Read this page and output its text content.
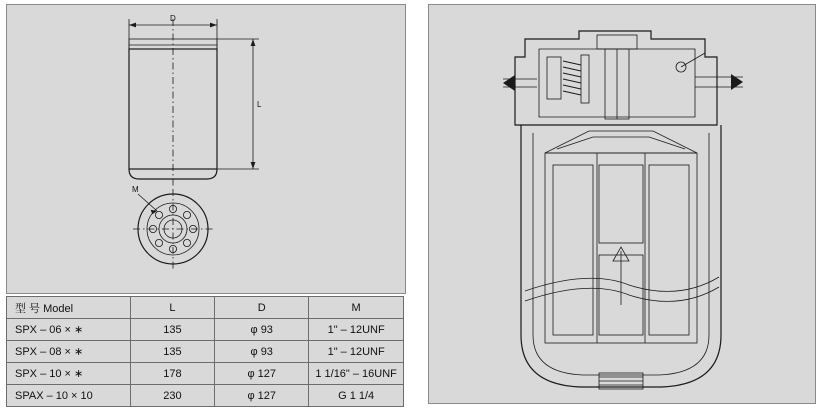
D
L
M
型 号 Model	L	D	M
SPX – 06 × ∗	135	φ 93	1" – 12UNF
SPX – 08 × ∗	135	φ 93	1" – 12UNF
SPX – 10 × ∗	178	φ 127	1 1/16" – 16UNF
SPAX – 10 × 10	230	φ 127	G 1 1/4
